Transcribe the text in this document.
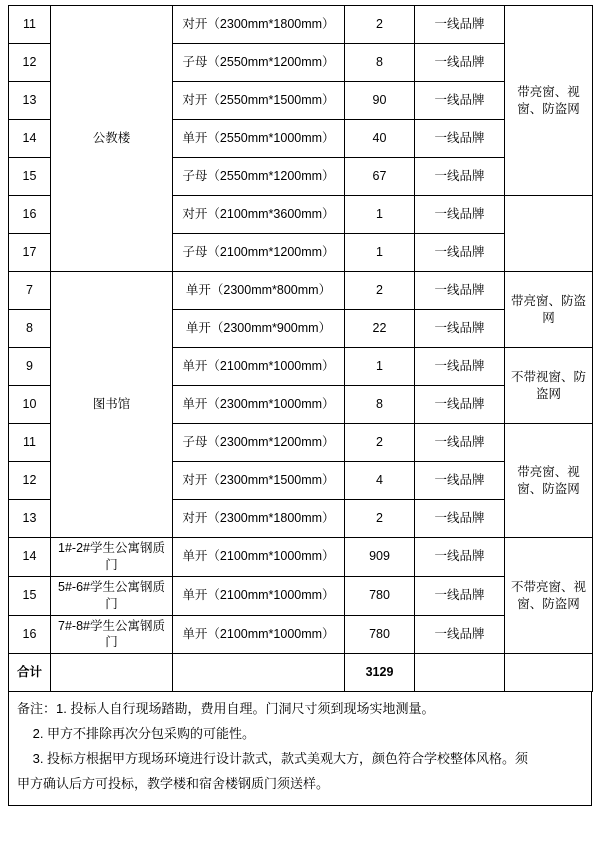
11	公教楼	对开（2300mm*1800mm）	2	一线品牌	带亮窗、视窗、防盗网
12		子母（2550mm*1200mm）	8	一线品牌	
13		对开（2550mm*1500mm）	90	一线品牌	
14		单开（2550mm*1000mm）	40	一线品牌	
15		子母（2550mm*1200mm）	67	一线品牌	
16		对开（2100mm*3600mm）	1	一线品牌	
17		子母（2100mm*1200mm）	1	一线品牌	
7	图书馆	单开（2300mm*800mm）	2	一线品牌	带亮窗、防盗网
8		单开（2300mm*900mm）	22	一线品牌	
9		单开（2100mm*1000mm）	1	一线品牌	不带视窗、防盗网
10		单开（2300mm*1000mm）	8	一线品牌	
11		子母（2300mm*1200mm）	2	一线品牌	带亮窗、视窗、防盗网
12		对开（2300mm*1500mm）	4	一线品牌	
13		对开（2300mm*1800mm）	2	一线品牌	
14	1#-2#学生公寓钢质门	单开（2100mm*1000mm）	909	一线品牌	不带亮窗、视窗、防盗网
15	5#-6#学生公寓钢质门	单开（2100mm*1000mm）	780	一线品牌	
16	7#-8#学生公寓钢质门	单开（2100mm*1000mm）	780	一线品牌	
合计			3129		

备注：1. 投标人自行现场踏勘，费用自理。门洞尺寸须到现场实地测量。

2. 甲方不排除再次分包采购的可能性。

3. 投标方根据甲方现场环境进行设计款式，款式美观大方，颜色符合学校整体风格。须

甲方确认后方可投标，教学楼和宿舍楼钢质门须送样。
